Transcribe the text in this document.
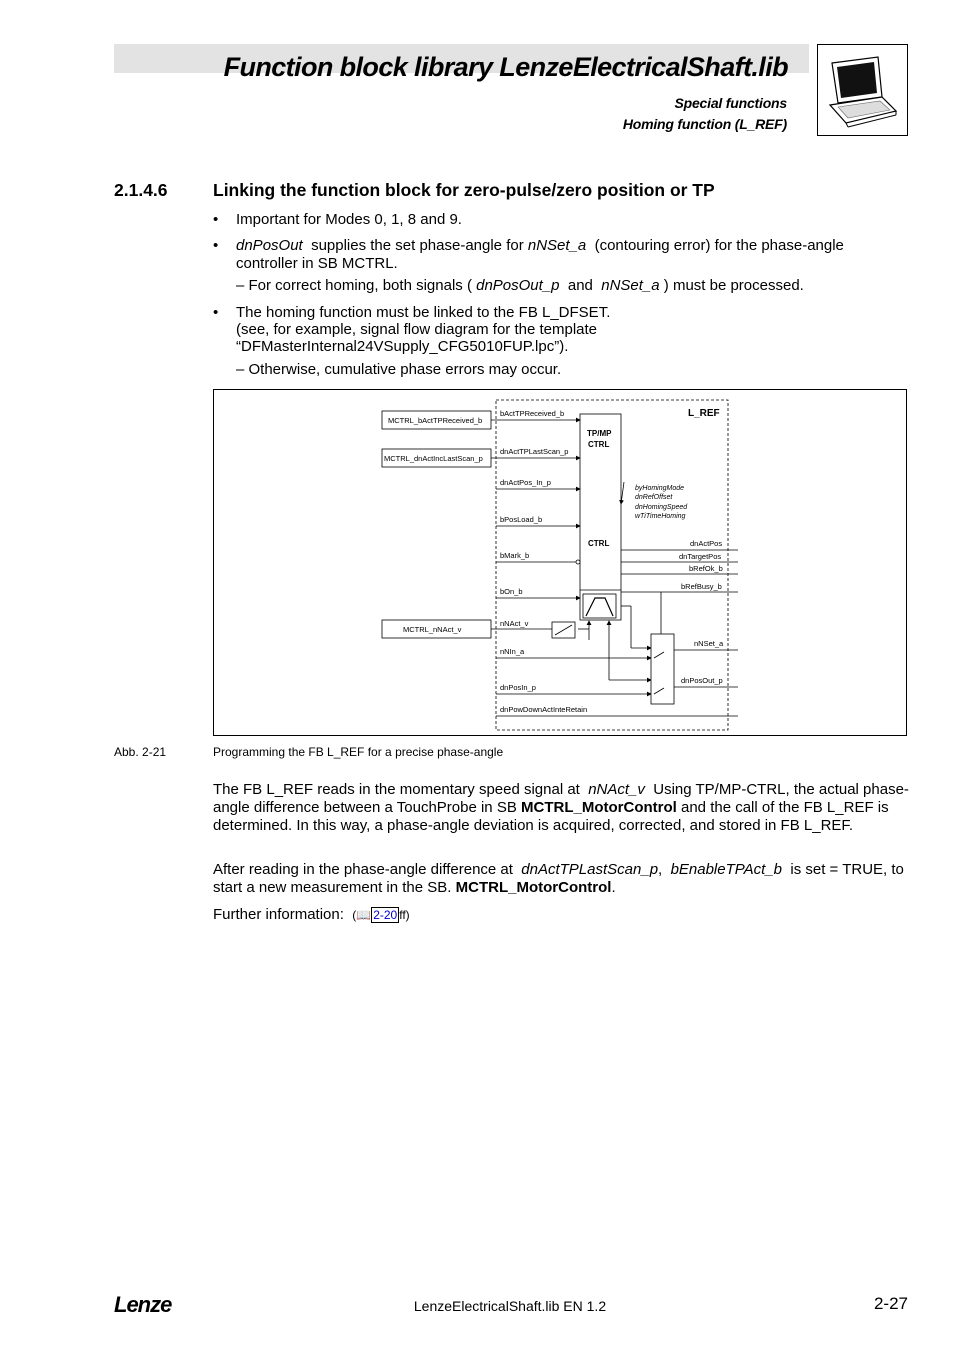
Function block library LenzeElectricalShaft.lib
Special functions
Homing function (L_REF)
2.1.4.6	Linking the function block for zero-pulse/zero position or TP
• Important for Modes 0, 1, 8 and 9.
• dnPosOut supplies the set phase-angle for nNSet_a (contouring error) for the phase-angle
controller in SB MCTRL.
– For correct homing, both signals ( dnPosOut_p and nNSet_a ) must be processed.
• The homing function must be linked to the FB L_DFSET.
(see, for example, signal flow diagram for the template
“DFMasterInternal24VSupply_CFG5010FUP.lpc”).
– Otherwise, cumulative phase errors may occur.
L_REF
MCTRL_bActTPReceived_b
MCTRL_dnActIncLastScan_p
MCTRL_nNAct_v
TP/MP
CTRL
CTRL
bActTPReceived_b
dnActTPLastScan_p
dnActPos_In_p
bPosLoad_b
bMark_b
bOn_b
nNAct_v
nNIn_a
dnPosIn_p
dnPowDownActInteRetain
byHomingMode
dnRefOffset
dnHomingSpeed
wTiTimeHoming
dnActPos
dnTargetPos
bRefOk_b
bRefBusy_b
nNSet_a
dnPosOut_p
Abb. 2-21	Programming the FB L_REF for a precise phase-angle
The FB L_REF reads in the momentary speed signal at nNAct_v Using TP/MP-CTRL, the actual phase-angle difference between a TouchProbe in SB MCTRL_MotorControl and the call of the FB L_REF is determined. In this way, a phase-angle deviation is acquired, corrected, and stored in FB L_REF.
After reading in the phase-angle difference at dnActTPLastScan_p, bEnableTPAct_b is set = TRUE, to start a new measurement in the SB. MCTRL_MotorControl.
Further information: (📖 2-20 ff)
Lenze	LenzeElectricalShaft.lib EN 1.2	2-27
